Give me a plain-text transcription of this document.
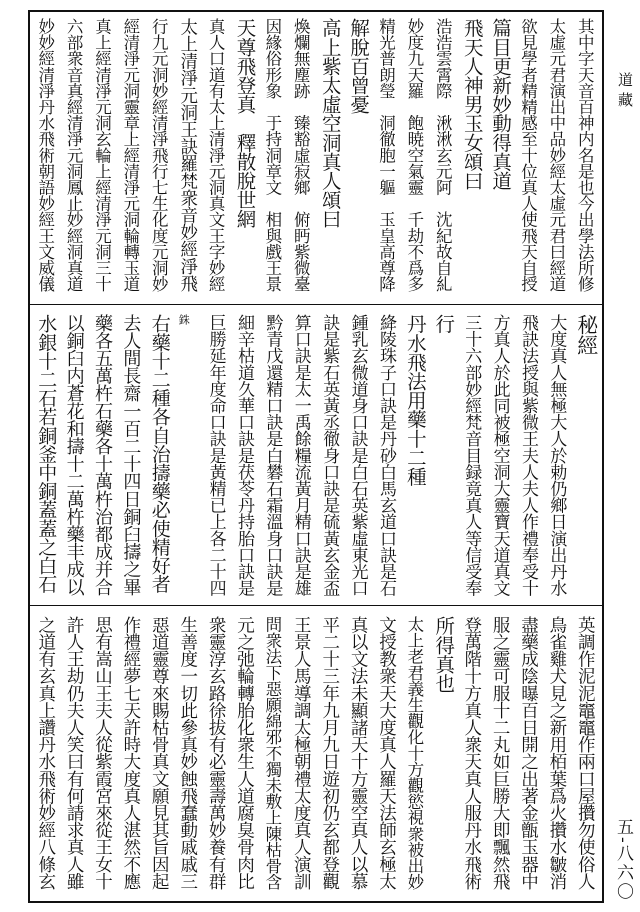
道 藏
五-八六〇
其中字天音百神内名是也今出學法所修
太虛元君演出中品妙經太虛元君曰經道
欲見學者精精感至十位真人使飛天自授
篇目更新妙動得真道
飛天人神男玉女頌曰
浩浩雲霄際　湫湫玄元阿　沈紀故自糺
妙度九天羅　飽暁空氣靈　千劫不爲多
精光普朗瑩　洞徹胞一軀　玉皇高尊降
解脫百曾憂
高上紫太虛空洞真人頌曰
煥爛無塵跡　臻豁虛寂鄉　俯眄紫微臺
因緣俗形象　于持洞章文　相與戲王景
天尊飛登真　釋散脫世網
真人口道有太上清淨元洞真文王字妙經
太上清淨元洞王訣羅梵衆音妙經淨飛
行九元洞妙經清淨飛行七生化度元洞妙
經清淨元洞靈章上經清淨元洞輪轉玉道
真上經清淨元洞玄輪上經清淨元洞三十
六部衆音真經清淨元洞鳳止妙經洞真道
妙妙經清淨丹水飛術朝語妙經王文威儀
秘經
大度真人無極大人於勅仍鄉日演出丹水
飛訣法授與紫微王夫人夫人作禮奉受十
方真人於此同被極空洞大靈寶天道真文
三十六部妙經梵音目録竟真人等信受奉
行
丹水飛法用藥十二種
絳陵珠子口訣是丹砂白馬玄道口訣是石
鍾乳玄微道身口訣是白石英紫虛東光口
訣是紫石英黃丞徹身口訣是硫黃玄金盃
算口訣是太一禹餘糧流黃月精口訣是雄
黔青戊還精口訣是白礬石霜溫身口訣是
細辛枯道久華口訣是茯苓丹持胎口訣是
巨勝延年度命口訣是黃精已上各二十四
銖
右藥十二種各自治擣藥必使精好者
去人間長齋一百二十四日銅臼擣之畢
藥各五萬杵石藥各十萬杵治都成并合
以銅臼内蒼花和擣十二萬杵藥丰成以
水銀十二石若銅釜中銅蓋蓋之白石
英調作泥泥竈竈作兩口屋攢勿使俗人
鳥雀雞犬見之新用栢葉爲火攢水皺消
盡藥成陰曝百日開之出著金甑玉器中
服之靈可服十二丸如巨勝大即飄然飛
登萬階十方真人衆天真人服丹水飛術
所得真也
太上老君義生觀化十方觀慾視衆被出妙
文授教衆天大度真人羅天法師玄極太
真以文法未顯諸天十方靈空真人以慕
平二十三年九月九日遊初仍玄都登觀
王景人馬導調太極朝禮太度真人演訓
問衆法下惡願綿邪不獨未敷上陳枯骨含
元之弛輪轉胎化衆生人道腐臭骨肉比
衆靈淳玄路徐拔有必靈壽萬妙養有群
生善度一切此參真妙蝕飛蠢動戚戚三
惡道靈尊來賜枯骨真文願見其旨因起
作禮經夢七天許時大度真人湛然不應
思有嵩山王夫人從紫霞宮來從王女十
許人王劫仍夫人笑曰有何請求真人雖
之道有玄真上讚丹水飛術妙經八條玄
